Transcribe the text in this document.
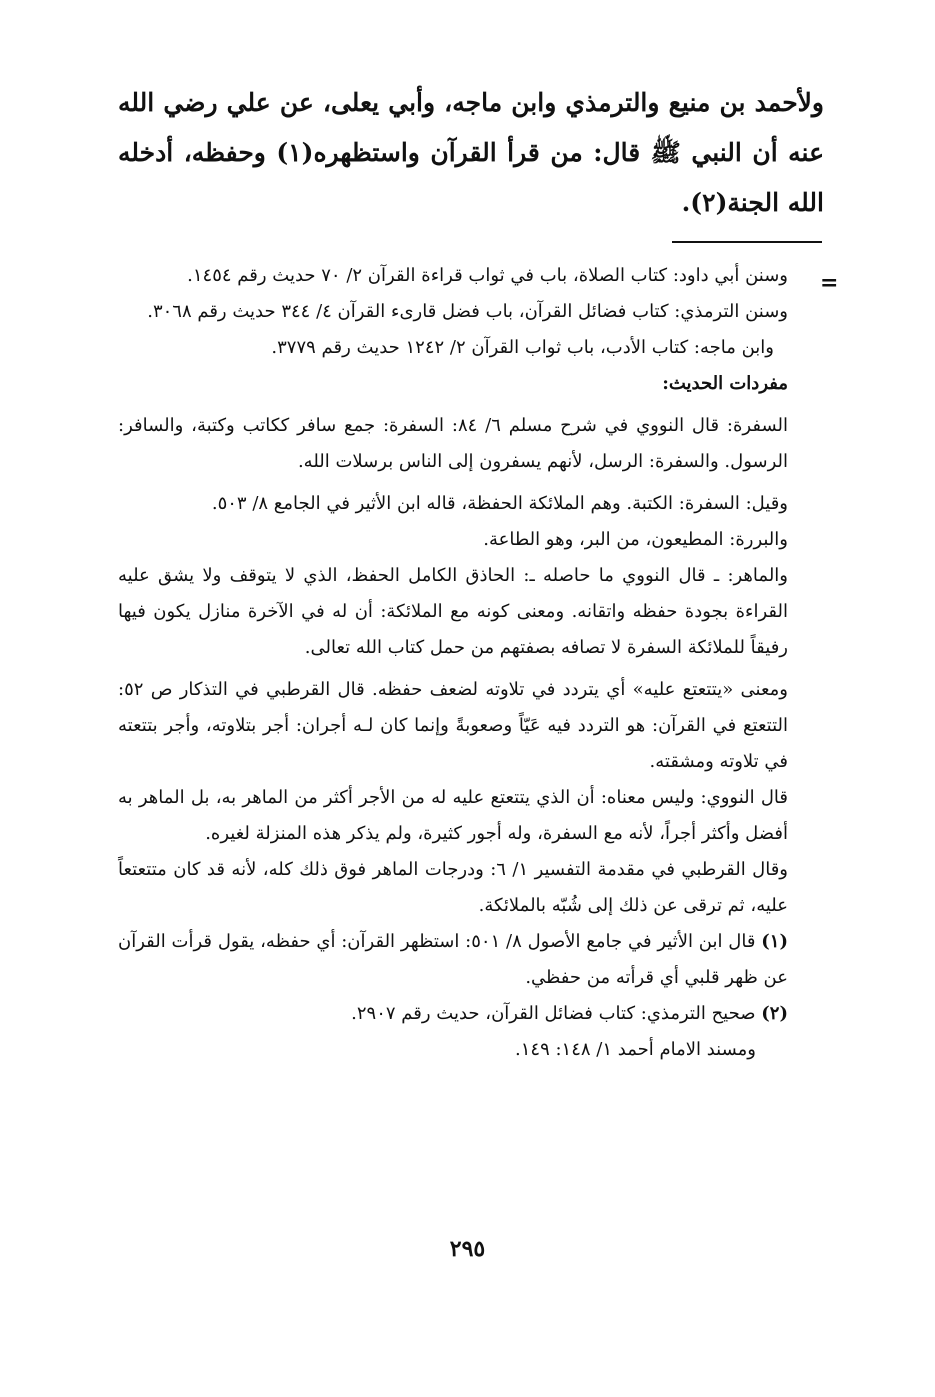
ولأحمد بن منيع والترمذي وابن ماجه، وأبي يعلى، عن علي رضي الله عنه أن النبي ﷺ قال: من قرأ القرآن واستظهره(١) وحفظه، أدخله الله الجنة(٢).

=

وسنن أبي داود: كتاب الصلاة، باب في ثواب قراءة القرآن ٢/ ٧٠ حديث رقم ١٤٥٤.

وسنن الترمذي: كتاب فضائل القرآن، باب فضل قارىء القرآن ٤/ ٣٤٤ حديث رقم ٣٠٦٨.

وابن ماجه: كتاب الأدب، باب ثواب القرآن ٢/ ١٢٤٢ حديث رقم ٣٧٧٩.

مفردات الحديث:

السفرة: قال النووي في شرح مسلم ٦/ ٨٤: السفرة: جمع سافر ككاتب وكتبة، والسافر: الرسول. والسفرة: الرسل، لأنهم يسفرون إلى الناس برسلات الله.

وقيل: السفرة: الكتبة. وهم الملائكة الحفظة، قاله ابن الأثير في الجامع ٨/ ٥٠٣.

والبررة: المطيعون، من البر، وهو الطاعة.

والماهر: ـ قال النووي ما حاصله ـ: الحاذق الكامل الحفظ، الذي لا يتوقف ولا يشق عليه القراءة بجودة حفظه واتقانه. ومعنى كونه مع الملائكة: أن له في الآخرة منازل يكون فيها رفيقاً للملائكة السفرة لا تصافه بصفتهم من حمل كتاب الله تعالى.

ومعنى «يتتعتع عليه» أي يتردد في تلاوته لضعف حفظه. قال القرطبي في التذكار ص ٥٢: التتعتع في القرآن: هو التردد فيه عَيّاً وصعوبةً وإنما كان لـه أجران: أجر بتلاوته، وأجر بتتعته في تلاوته ومشقته.

قال النووي: وليس معناه: أن الذي يتتعتع عليه له من الأجر أكثر من الماهر به، بل الماهر به أفضل وأكثر أجراً، لأنه مع السفرة، وله أجور كثيرة، ولم يذكر هذه المنزلة لغيره.

وقال القرطبي في مقدمة التفسير ١/ ٦: ودرجات الماهر فوق ذلك كله، لأنه قد كان متتعتعاً عليه، ثم ترقى عن ذلك إلى شُبّه بالملائكة.

(١) قال ابن الأثير في جامع الأصول ٨/ ٥٠١: استظهر القرآن: أي حفظه، يقول قرأت القرآن عن ظهر قلبي أي قرأته من حفظي.

(٢) صحيح الترمذي: كتاب فضائل القرآن، حديث رقم ٢٩٠٧.

ومسند الامام أحمد ١/ ١٤٨: ١٤٩.

٢٩٥
